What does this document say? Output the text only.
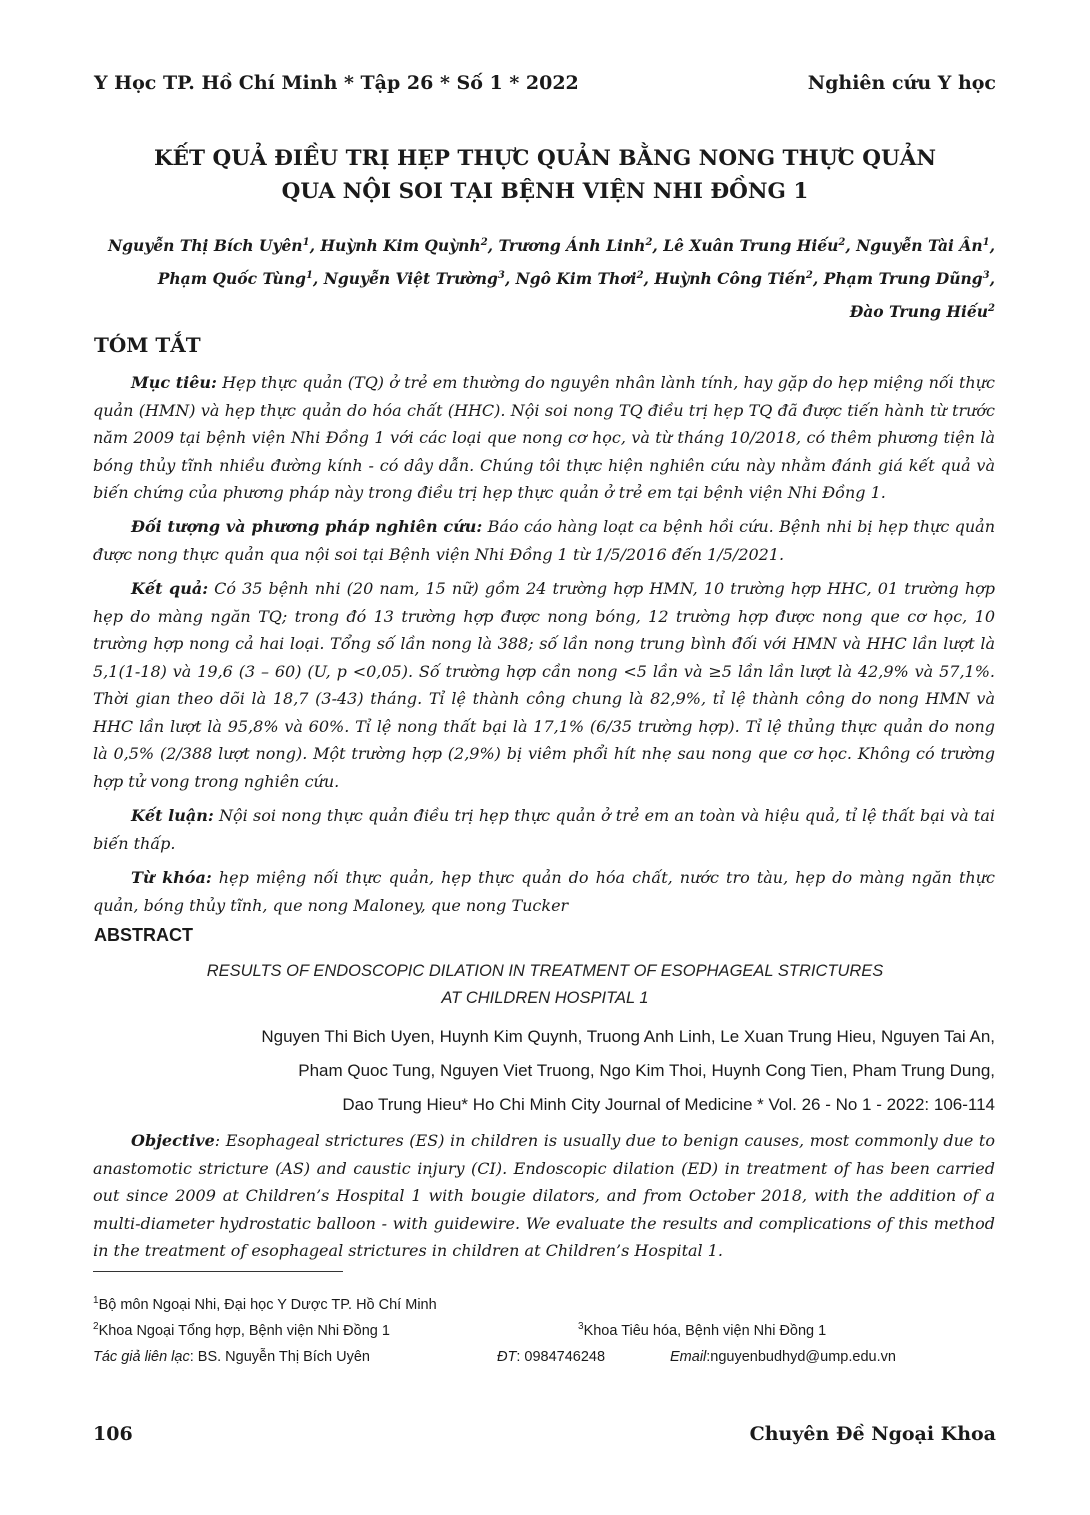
Y Học TP. Hồ Chí Minh * Tập 26 * Số 1 * 2022	Nghiên cứu Y học
KẾT QUẢ ĐIỀU TRỊ HẸP THỰC QUẢN BẰNG NONG THỰC QUẢN
QUA NỘI SOI TẠI BỆNH VIỆN NHI ĐỒNG 1
Nguyễn Thị Bích Uyên$^1$, Huỳnh Kim Quỳnh$^2$, Trương Ánh Linh$^2$, Lê Xuân Trung Hiếu$^2$, Nguyễn Tài $Ân^1$,
Phạm Quốc Tùng$^1$, Nguyễn Việt Trường$^3$, Ngô Kim Thơi$^2$, Huỳnh Công Tiến$^2$, Phạm Trung Dũng$^3$,
Đào Trung Hiếu$^2$
TÓM TẮT
Mục tiêu: Hẹp thực quản (TQ) ở trẻ em thường do nguyên nhân lành tính, hay gặp do hẹp miệng nối thực quản (HMN) và hẹp thực quản do hóa chất (HHC). Nội soi nong TQ điều trị hẹp TQ đã được tiến hành từ trước năm 2009 tại bệnh viện Nhi Đồng 1 với các loại que nong cơ học, và từ tháng 10/2018, có thêm phương tiện là bóng thủy tĩnh nhiều đường kính - có dây dẫn. Chúng tôi thực hiện nghiên cứu này nhằm đánh giá kết quả và biến chứng của phương pháp này trong điều trị hẹp thực quản ở trẻ em tại bệnh viện Nhi Đồng 1.
Đối tượng và phương pháp nghiên cứu: Báo cáo hàng loạt ca bệnh hồi cứu. Bệnh nhi bị hẹp thực quản được nong thực quản qua nội soi tại Bệnh viện Nhi Đồng 1 từ 1/5/2016 đến 1/5/2021.
Kết quả: Có 35 bệnh nhi (20 nam, 15 nữ) gồm 24 trường hợp HMN, 10 trường hợp HHC, 01 trường hợp hẹp do màng ngăn TQ; trong đó 13 trường hợp được nong bóng, 12 trường hợp được nong que cơ học, 10 trường hợp nong cả hai loại. Tổng số lần nong là 388; số lần nong trung bình đối với HMN và HHC lần lượt là 5,1(1-18) và 19,6 (3 – 60) (U, p <0,05). Số trường hợp cần nong <5 lần và ≥5 lần lần lượt là 42,9% và 57,1%. Thời gian theo dõi là 18,7 (3-43) tháng. Tỉ lệ thành công chung là 82,9%, tỉ lệ thành công do nong HMN và HHC lần lượt là 95,8% và 60%. Tỉ lệ nong thất bại là 17,1% (6/35 trường hợp). Tỉ lệ thủng thực quản do nong là 0,5% (2/388 lượt nong). Một trường hợp (2,9%) bị viêm phổi hít nhẹ sau nong que cơ học. Không có trường hợp tử vong trong nghiên cứu.
Kết luận: Nội soi nong thực quản điều trị hẹp thực quản ở trẻ em an toàn và hiệu quả, tỉ lệ thất bại và tai biến thấp.
Từ khóa: hẹp miệng nối thực quản, hẹp thực quản do hóa chất, nước tro tàu, hẹp do màng ngăn thực quản, bóng thủy tĩnh, que nong Maloney, que nong Tucker
ABSTRACT
RESULTS OF ENDOSCOPIC DILATION IN TREATMENT OF ESOPHAGEAL STRICTURES
AT CHILDREN HOSPITAL 1
Nguyen Thi Bich Uyen, Huynh Kim Quynh, Truong Anh Linh, Le Xuan Trung Hieu, Nguyen Tai An,
Pham Quoc Tung, Nguyen Viet Truong, Ngo Kim Thoi, Huynh Cong Tien, Pham Trung Dung,
Dao Trung Hieu* Ho Chi Minh City Journal of Medicine * Vol. 26 - No 1 - 2022: 106-114
Objective: Esophageal strictures (ES) in children is usually due to benign causes, most commonly due to anastomotic stricture (AS) and caustic injury (CI). Endoscopic dilation (ED) in treatment of has been carried out since 2009 at Children’s Hospital 1 with bougie dilators, and from October 2018, with the addition of a multi-diameter hydrostatic balloon - with guidewire. We evaluate the results and complications of this method in the treatment of esophageal strictures in children at Children’s Hospital 1.
$^1$Bộ môn Ngoại Nhi, Đại học Y Dược TP. Hồ Chí Minh
$^2$Khoa Ngoại Tổng hợp, Bệnh viện Nhi Đồng 1	$^3$Khoa Tiêu hóa, Bệnh viện Nhi Đồng 1
Tác giả liên lạc: BS. Nguyễn Thị Bích Uyên	ĐT: 0984746248	Email:nguyenbudhyd@ump.edu.vn
106	Chuyên Đề Ngoại Khoa
